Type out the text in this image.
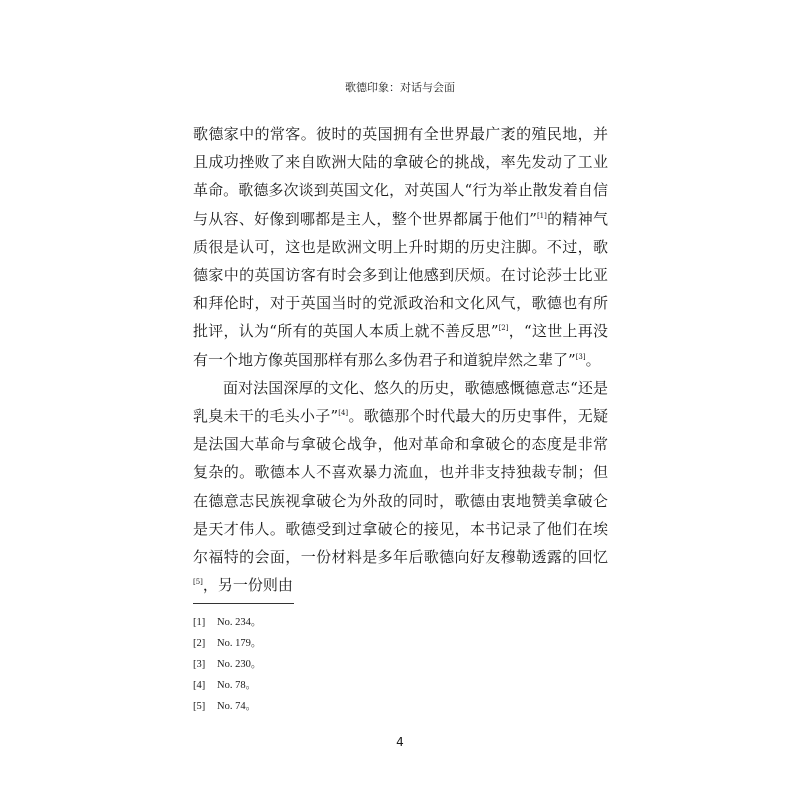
歌德印象：对话与会面

歌德家中的常客。彼时的英国拥有全世界最广袤的殖民地，并且成功挫败了来自欧洲大陆的拿破仑的挑战，率先发动了工业革命。歌德多次谈到英国文化，对英国人“行为举止散发着自信与从容、好像到哪都是主人，整个世界都属于他们”[1]的精神气质很是认可，这也是欧洲文明上升时期的历史注脚。不过，歌德家中的英国访客有时会多到让他感到厌烦。在讨论莎士比亚和拜伦时，对于英国当时的党派政治和文化风气，歌德也有所批评，认为“所有的英国人本质上就不善反思”[2]，“这世上再没有一个地方像英国那样有那么多伪君子和道貌岸然之辈了”[3]。

面对法国深厚的文化、悠久的历史，歌德感慨德意志“还是乳臭未干的毛头小子”[4]。歌德那个时代最大的历史事件，无疑是法国大革命与拿破仑战争，他对革命和拿破仑的态度是非常复杂的。歌德本人不喜欢暴力流血，也并非支持独裁专制；但在德意志民族视拿破仑为外敌的同时，歌德由衷地赞美拿破仑是天才伟人。歌德受到过拿破仑的接见，本书记录了他们在埃尔福特的会面，一份材料是多年后歌德向好友穆勒透露的回忆[5]，另一份则由

[1] No. 234。
[2] No. 179。
[3] No. 230。
[4] No. 78。
[5] No. 74。
4
